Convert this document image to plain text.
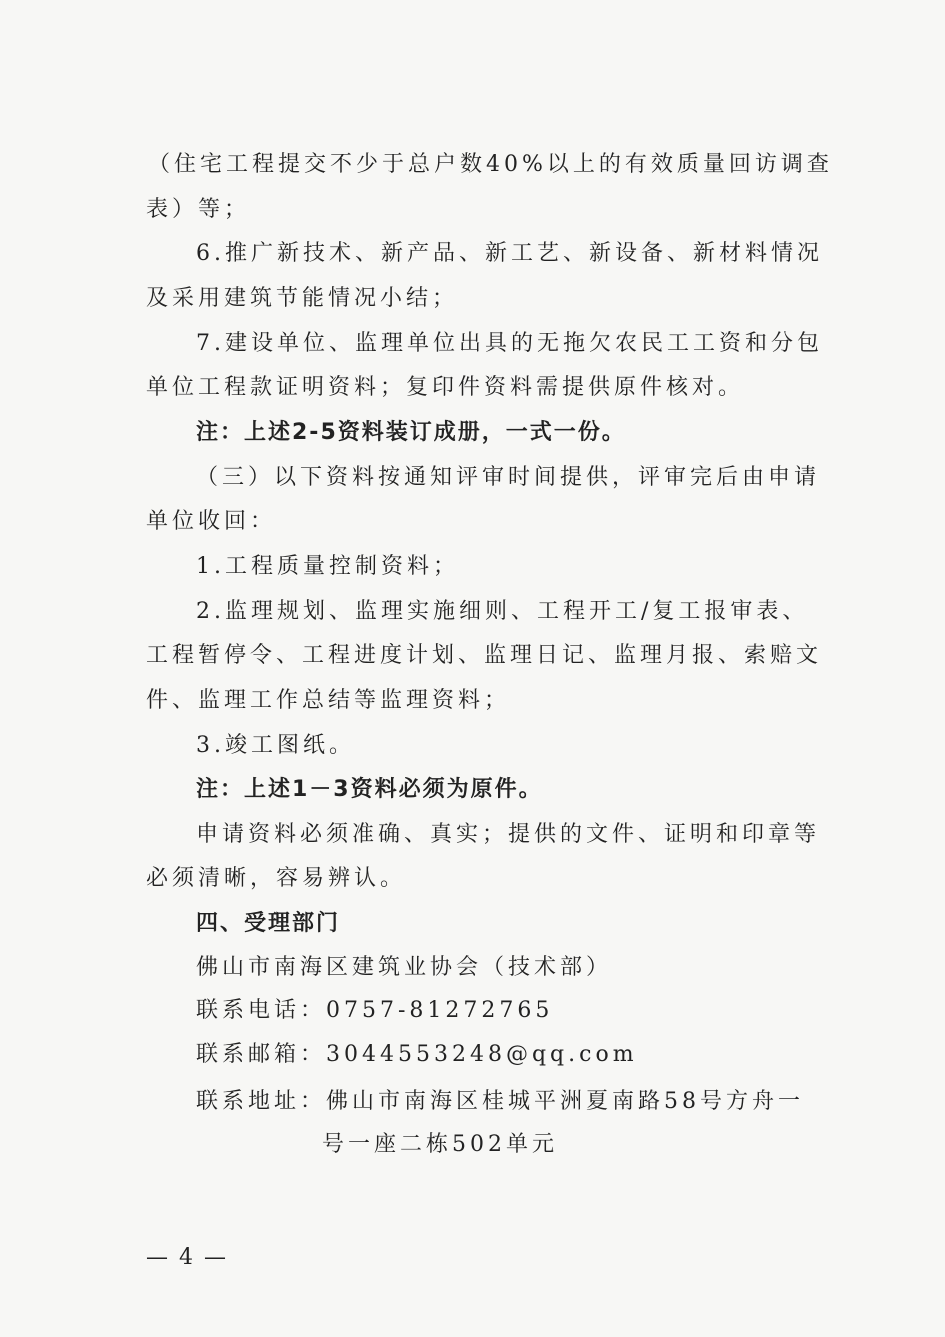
（住宅工程提交不少于总户数40%以上的有效质量回访调查
表）等；
6.推广新技术、新产品、新工艺、新设备、新材料情况
及采用建筑节能情况小结；
7.建设单位、监理单位出具的无拖欠农民工工资和分包
单位工程款证明资料；复印件资料需提供原件核对。
注：上述2-5资料装订成册，一式一份。
（三）以下资料按通知评审时间提供，评审完后由申请
单位收回：
1.工程质量控制资料；
2.监理规划、监理实施细则、工程开工/复工报审表、
工程暂停令、工程进度计划、监理日记、监理月报、索赔文
件、监理工作总结等监理资料；
3.竣工图纸。
注：上述1－3资料必须为原件。
申请资料必须准确、真实；提供的文件、证明和印章等
必须清晰，容易辨认。
四、受理部门
佛山市南海区建筑业协会（技术部）
联系电话：0757-81272765
联系邮箱：3044553248@qq.com
联系地址：佛山市南海区桂城平洲夏南路58号方舟一
号一座二栋502单元
— 4 —
